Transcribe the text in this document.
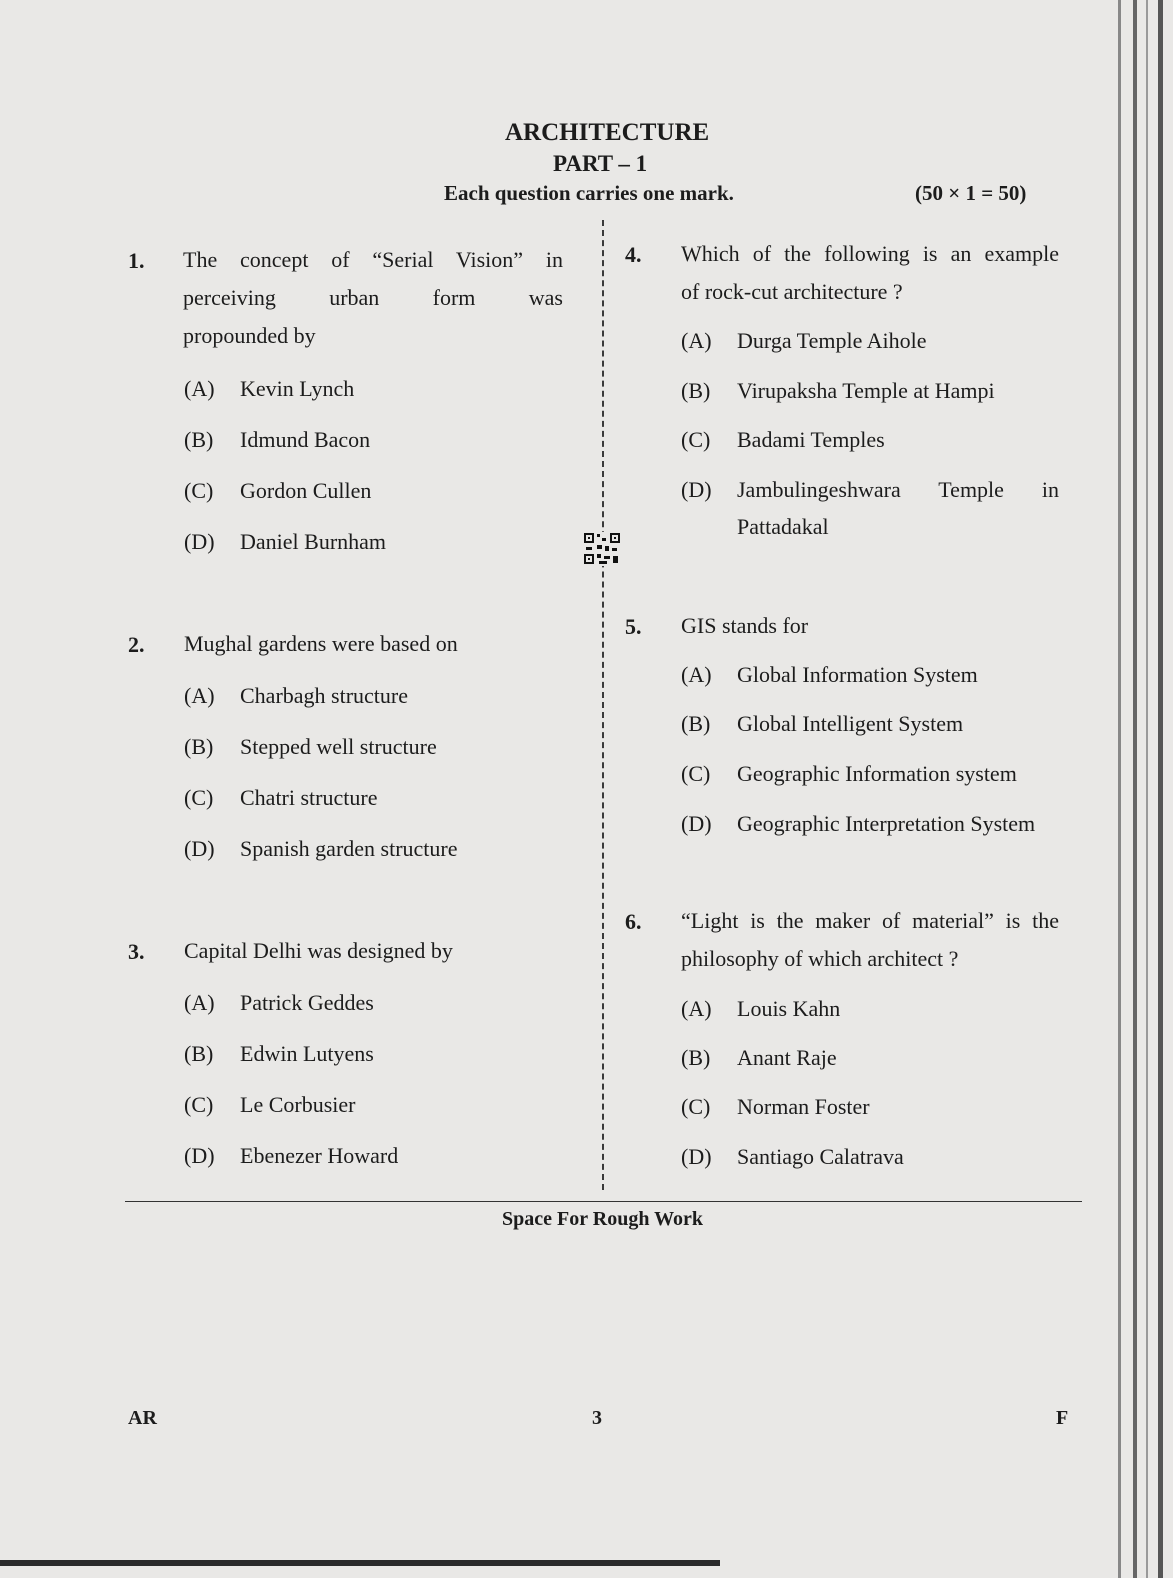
ARCHITECTURE
PART – 1
Each question carries one mark.	(50 × 1 = 50)
1. The concept of “Serial Vision” in
perceiving urban form was
propounded by
(A) Kevin Lynch
(B) Idmund Bacon
(C) Gordon Cullen
(D) Daniel Burnham
2. Mughal gardens were based on
(A) Charbagh structure
(B) Stepped well structure
(C) Chatri structure
(D) Spanish garden structure
3. Capital Delhi was designed by
(A) Patrick Geddes
(B) Edwin Lutyens
(C) Le Corbusier
(D) Ebenezer Howard
4. Which of the following is an example
of rock-cut architecture ?
(A) Durga Temple Aihole
(B) Virupaksha Temple at Hampi
(C) Badami Temples
(D) Jambulingeshwara Temple in
Pattadakal
5. GIS stands for
(A) Global Information System
(B) Global Intelligent System
(C) Geographic Information system
(D) Geographic Interpretation System
6. “Light is the maker of material” is the
philosophy of which architect ?
(A) Louis Kahn
(B) Anant Raje
(C) Norman Foster
(D) Santiago Calatrava
Space For Rough Work
AR	3	F
